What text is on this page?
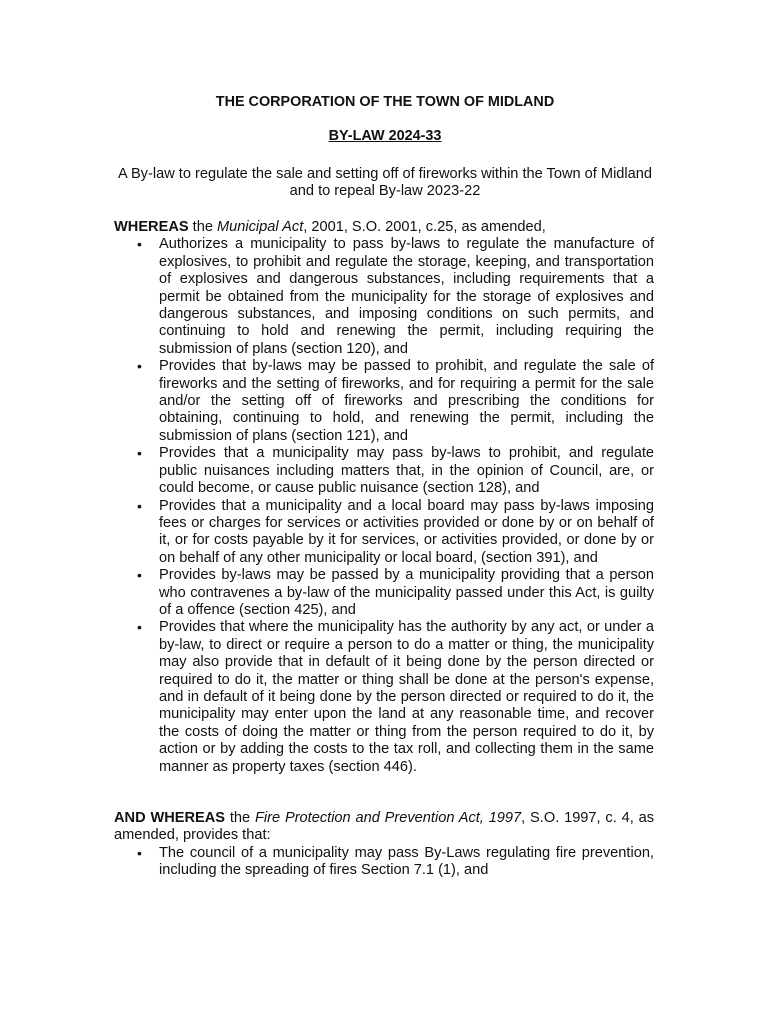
THE CORPORATION OF THE TOWN OF MIDLAND
BY-LAW 2024-33
A By-law to regulate the sale and setting off of fireworks within the Town of Midland
and to repeal By-law 2023-22

WHEREAS the Municipal Act, 2001, S.O. 2001, c.25, as amended,

• Authorizes a municipality to pass by-laws to regulate the manufacture of explosives, to prohibit and regulate the storage, keeping, and transportation of explosives and dangerous substances, including requirements that a permit be obtained from the municipality for the storage of explosives and dangerous substances, and imposing conditions on such permits, and continuing to hold and renewing the permit, including requiring the submission of plans (section 120), and
• Provides that by-laws may be passed to prohibit, and regulate the sale of fireworks and the setting of fireworks, and for requiring a permit for the sale and/or the setting off of fireworks and prescribing the conditions for obtaining, continuing to hold, and renewing the permit, including the submission of plans (section 121), and
• Provides that a municipality may pass by-laws to prohibit, and regulate public nuisances including matters that, in the opinion of Council, are, or could become, or cause public nuisance (section 128), and
• Provides that a municipality and a local board may pass by-laws imposing fees or charges for services or activities provided or done by or on behalf of it, or for costs payable by it for services, or activities provided, or done by or on behalf of any other municipality or local board, (section 391), and
• Provides by-laws may be passed by a municipality providing that a person who contravenes a by-law of the municipality passed under this Act, is guilty of a offence (section 425), and
• Provides that where the municipality has the authority by any act, or under a by-law, to direct or require a person to do a matter or thing, the municipality may also provide that in default of it being done by the person directed or required to do it, the matter or thing shall be done at the person's expense, and in default of it being done by the person directed or required to do it, the municipality may enter upon the land at any reasonable time, and recover the costs of doing the matter or thing from the person required to do it, by action or by adding the costs to the tax roll, and collecting them in the same manner as property taxes (section 446).

AND WHEREAS the Fire Protection and Prevention Act, 1997, S.O. 1997, c. 4, as amended, provides that:

• The council of a municipality may pass By-Laws regulating fire prevention, including the spreading of fires Section 7.1 (1), and
